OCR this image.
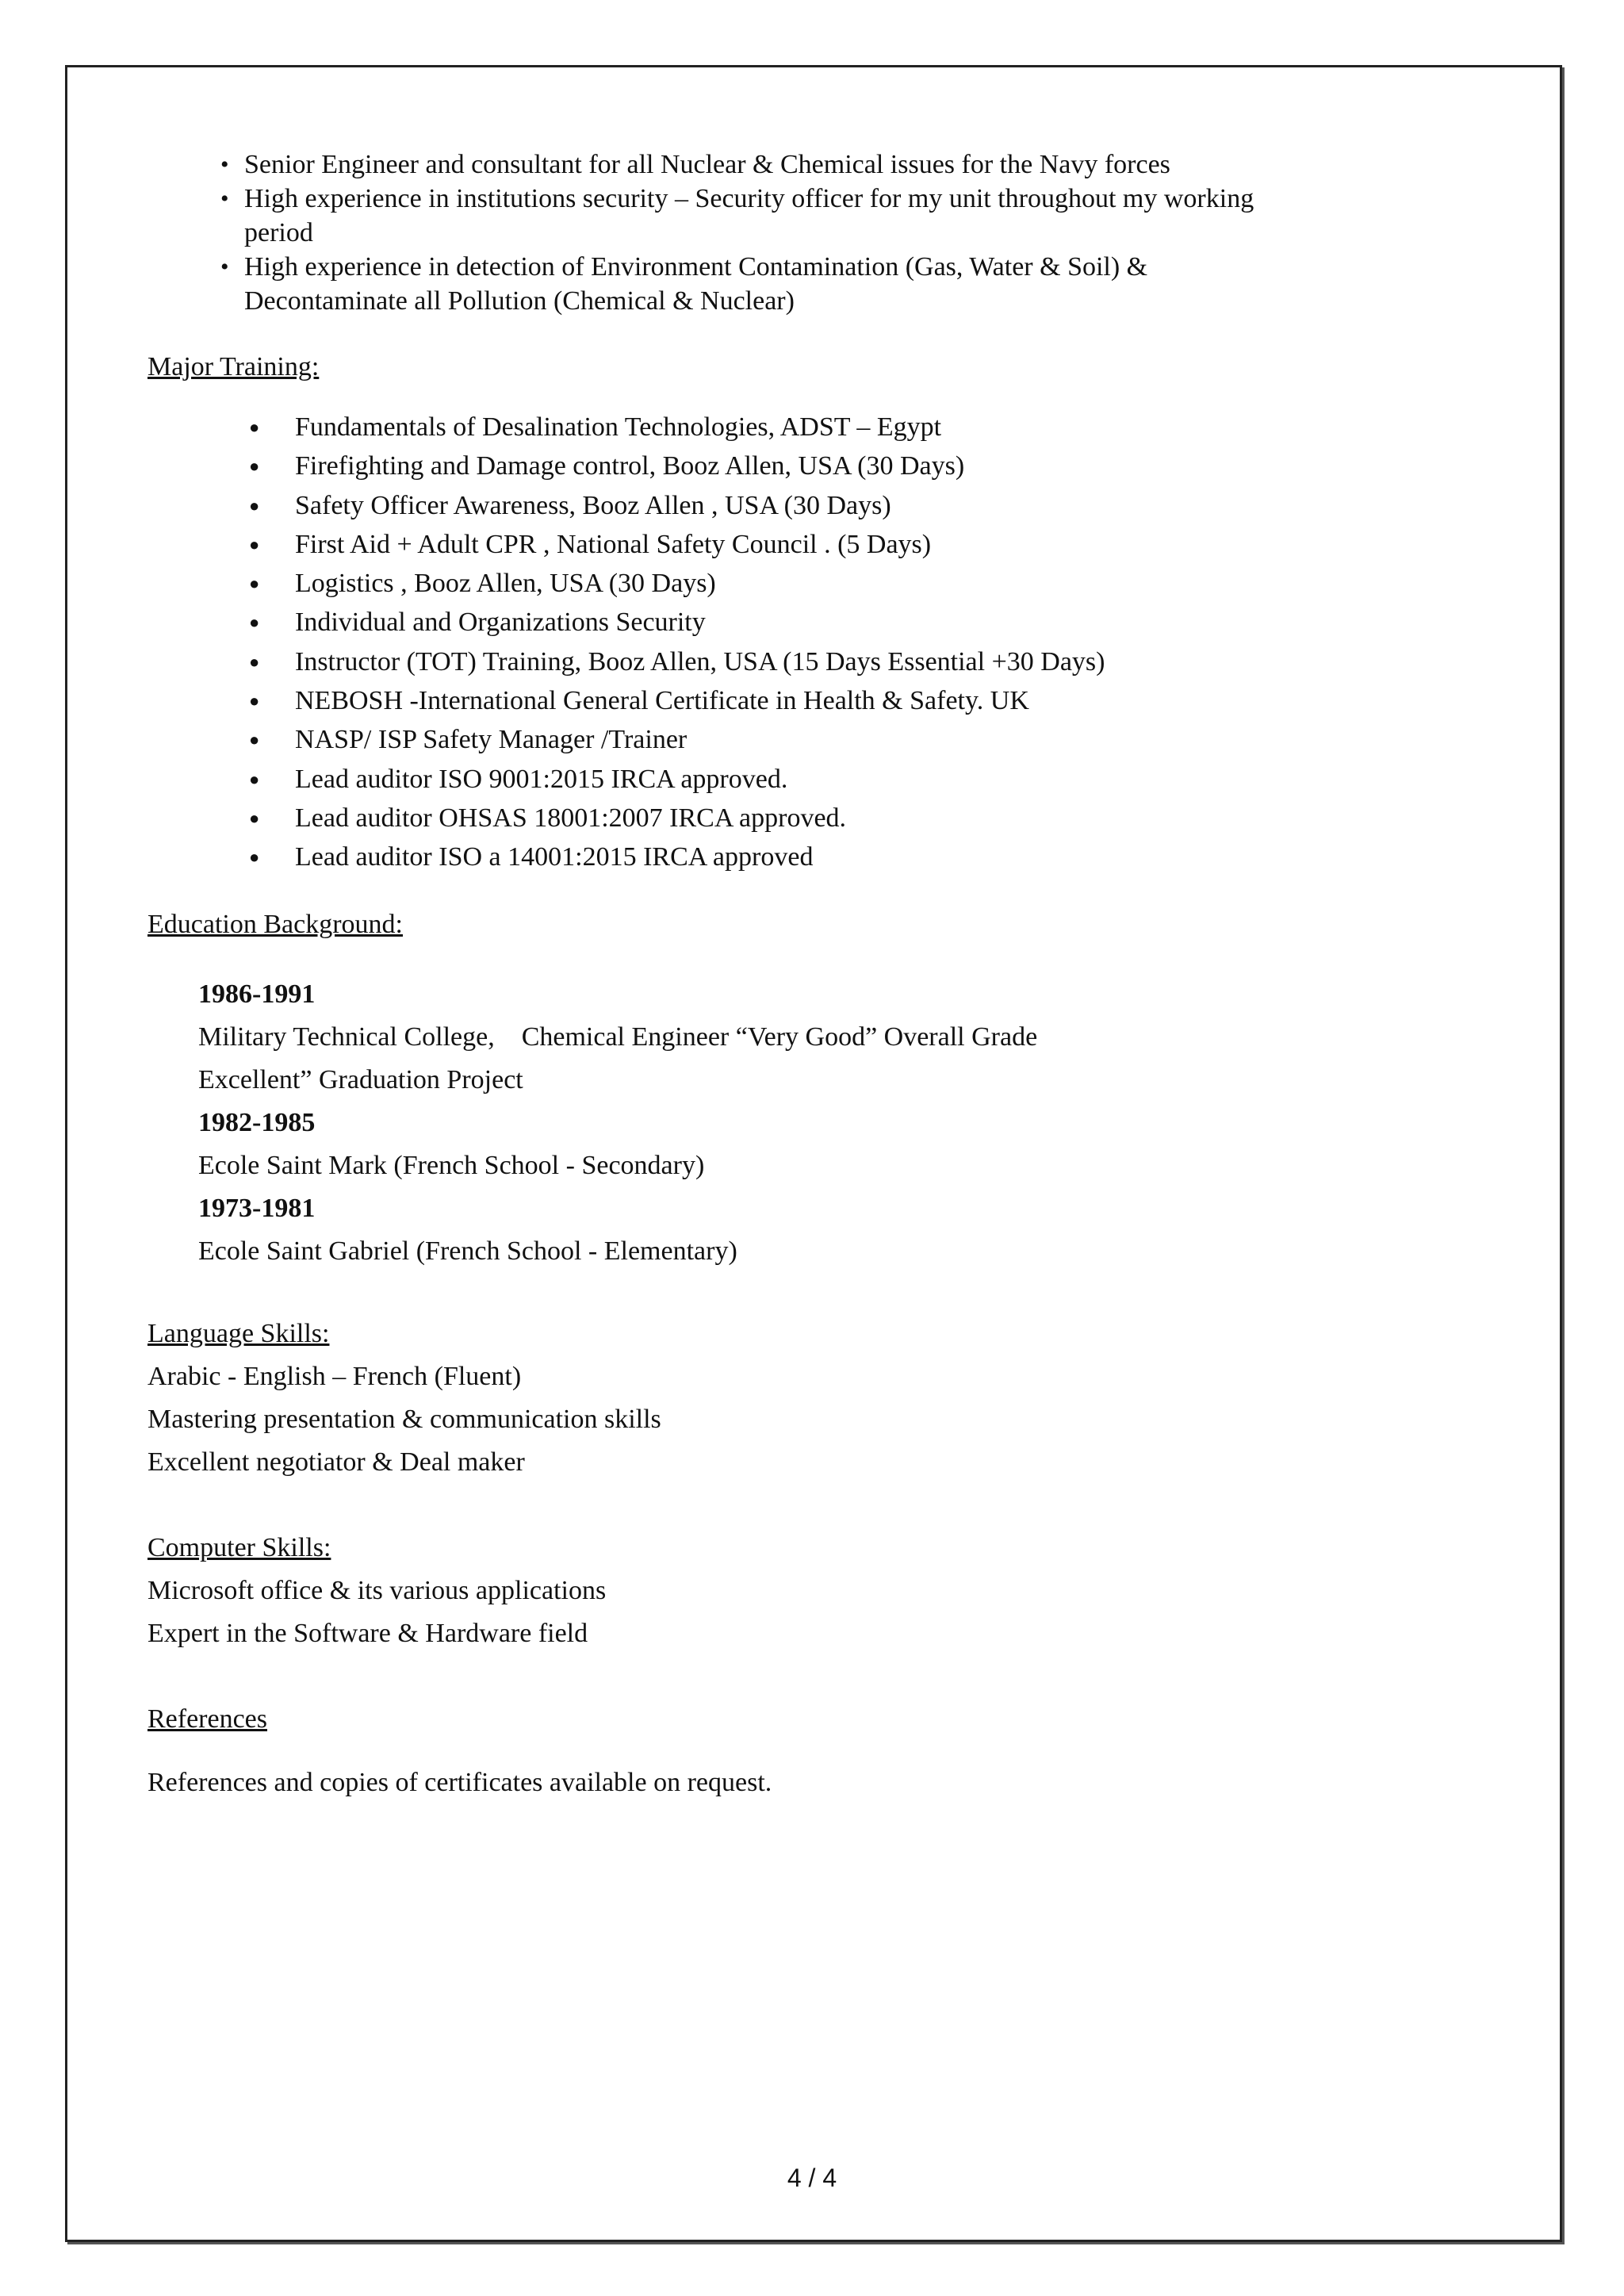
• Senior Engineer and consultant for all Nuclear & Chemical issues for the Navy forces
• High experience in institutions security – Security officer for my unit throughout my working period
• High experience in detection of Environment Contamination (Gas, Water & Soil) & Decontaminate all Pollution (Chemical & Nuclear)
Major Training:
● Fundamentals of Desalination Technologies, ADST – Egypt
● Firefighting and Damage control, Booz Allen, USA (30 Days)
● Safety Officer Awareness, Booz Allen , USA (30 Days)
● First Aid + Adult CPR , National Safety Council . (5 Days)
● Logistics , Booz Allen, USA (30 Days)
● Individual and Organizations Security
● Instructor (TOT) Training, Booz Allen, USA (15 Days Essential +30 Days)
● NEBOSH -International General Certificate in Health & Safety. UK
● NASP/ ISP Safety Manager /Trainer
● Lead auditor ISO 9001:2015 IRCA approved.
● Lead auditor OHSAS 18001:2007 IRCA approved.
● Lead auditor ISO a 14001:2015 IRCA approved
Education Background:
1986-1991
Military Technical College,    Chemical Engineer “Very Good” Overall Grade
Excellent” Graduation Project
1982-1985
Ecole Saint Mark (French School - Secondary)
1973-1981
Ecole Saint Gabriel (French School - Elementary)
Language Skills:
Arabic - English – French (Fluent)
Mastering presentation & communication skills
Excellent negotiator & Deal maker
Computer Skills:
Microsoft office & its various applications
Expert in the Software & Hardware field
References
References and copies of certificates available on request.
4 / 4
